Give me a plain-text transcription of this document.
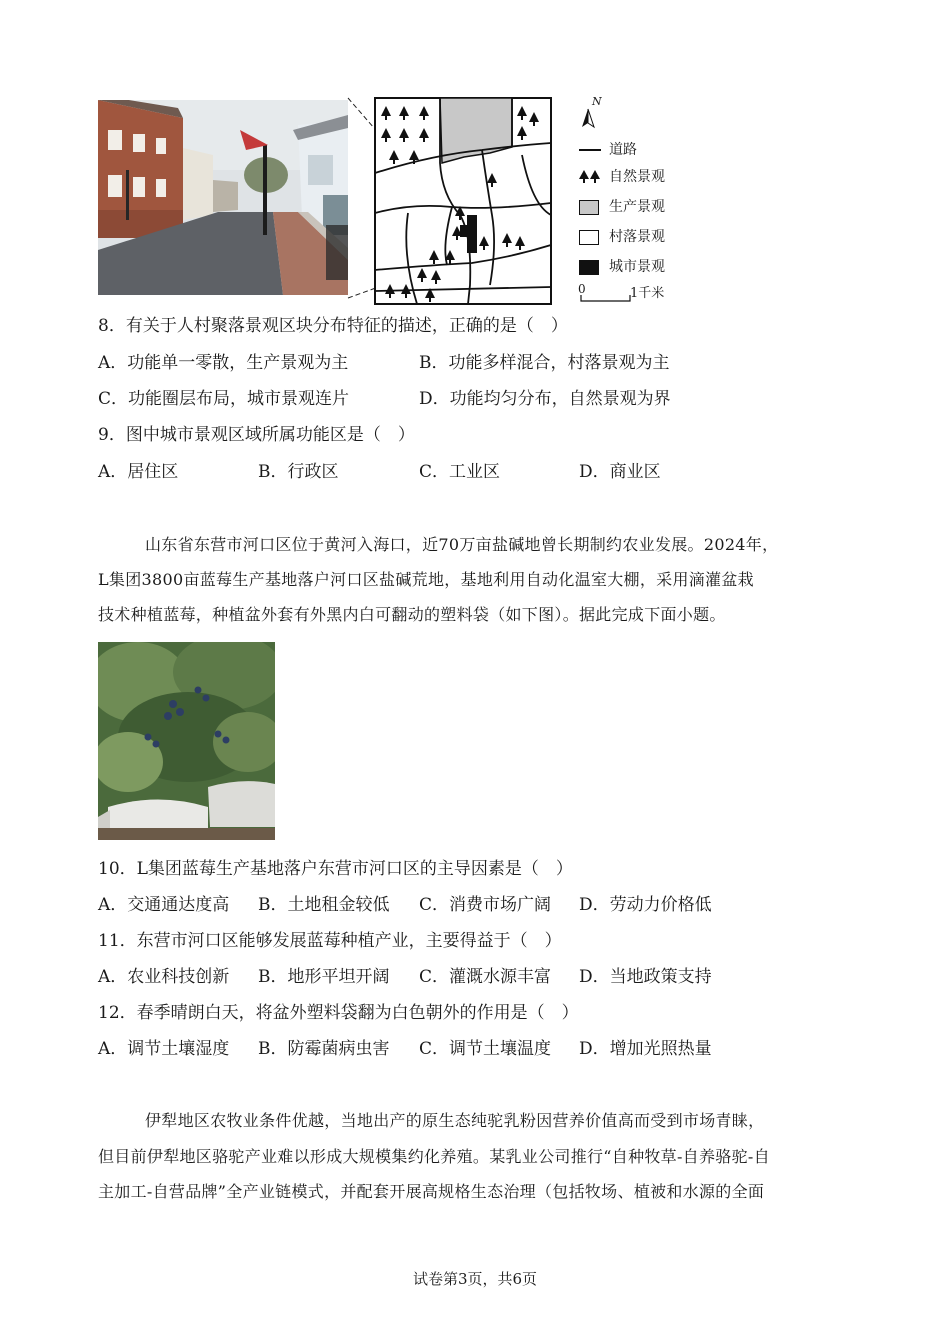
N
道路
自然景观
生产景观
村落景观
城市景观
0	1千米
8．有关于人村聚落景观区块分布特征的描述，正确的是（　）
A．功能单一零散，生产景观为主	B．功能多样混合，村落景观为主
C．功能圈层布局，城市景观连片	D．功能均匀分布，自然景观为界
9．图中城市景观区域所属功能区是（　）
A．居住区	B．行政区	C．工业区	D．商业区
山东省东营市河口区位于黄河入海口，近70万亩盐碱地曾长期制约农业发展。2024年，
L集团3800亩蓝莓生产基地落户河口区盐碱荒地，基地利用自动化温室大棚，采用滴灌盆栽
技术种植蓝莓，种植盆外套有外黑内白可翻动的塑料袋（如下图）。据此完成下面小题。
10．L集团蓝莓生产基地落户东营市河口区的主导因素是（　）
A．交通通达度高 B．土地租金较低 C．消费市场广阔 D．劳动力价格低
11．东营市河口区能够发展蓝莓种植产业，主要得益于（　）
A．农业科技创新 B．地形平坦开阔 C．灌溉水源丰富 D．当地政策支持
12．春季晴朗白天，将盆外塑料袋翻为白色朝外的作用是（　）
A．调节土壤湿度 B．防霉菌病虫害 C．调节土壤温度 D．增加光照热量
伊犁地区农牧业条件优越，当地出产的原生态纯驼乳粉因营养价值高而受到市场青睐，
但目前伊犁地区骆驼产业难以形成大规模集约化养殖。某乳业公司推行“自种牧草-自养骆驼-自
主加工-自营品牌”全产业链模式，并配套开展高规格生态治理（包括牧场、植被和水源的全面
试卷第3页，共6页
